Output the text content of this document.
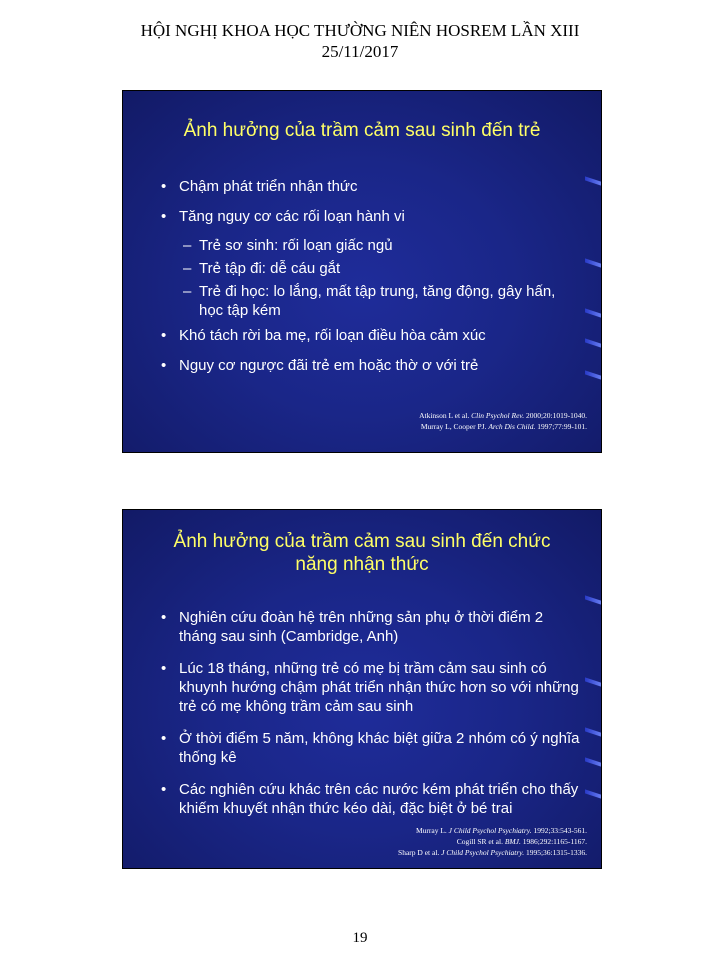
HỘI NGHỊ KHOA HỌC THƯỜNG NIÊN HOSREM LẦN XIII
25/11/2017
Ảnh hưởng của trầm cảm sau sinh đến trẻ
• Chậm phát triển nhận thức
• Tăng nguy cơ các rối loạn hành vi
– Trẻ sơ sinh: rối loạn giấc ngủ
– Trẻ tập đi: dễ cáu gắt
– Trẻ đi học: lo lắng, mất tập trung, tăng động, gây hấn, học tập kém
• Khó tách rời ba mẹ, rối loạn điều hòa cảm xúc
• Nguy cơ ngược đãi trẻ em hoặc thờ ơ với trẻ
Atkinson L et al. Clin Psychol Rev. 2000;20:1019-1040.
Murray L, Cooper PJ. Arch Dis Child. 1997;77:99-101.
Ảnh hưởng của trầm cảm sau sinh đến chức năng nhận thức
• Nghiên cứu đoàn hệ trên những sản phụ ở thời điểm 2 tháng sau sinh (Cambridge, Anh)
• Lúc 18 tháng, những trẻ có mẹ bị trầm cảm sau sinh có khuynh hướng chậm phát triển nhận thức hơn so với những trẻ có mẹ không trầm cảm sau sinh
• Ở thời điểm 5 năm, không khác biệt giữa 2 nhóm có ý nghĩa thống kê
• Các nghiên cứu khác trên các nước kém phát triển cho thấy khiếm khuyết nhận thức kéo dài, đặc biệt ở bé trai
Murray L. J Child Psychol Psychiatry. 1992;33:543-561.
Cogill SR et al. BMJ. 1986;292:1165-1167.
Sharp D et al. J Child Psychol Psychiatry. 1995;36:1315-1336.
19
